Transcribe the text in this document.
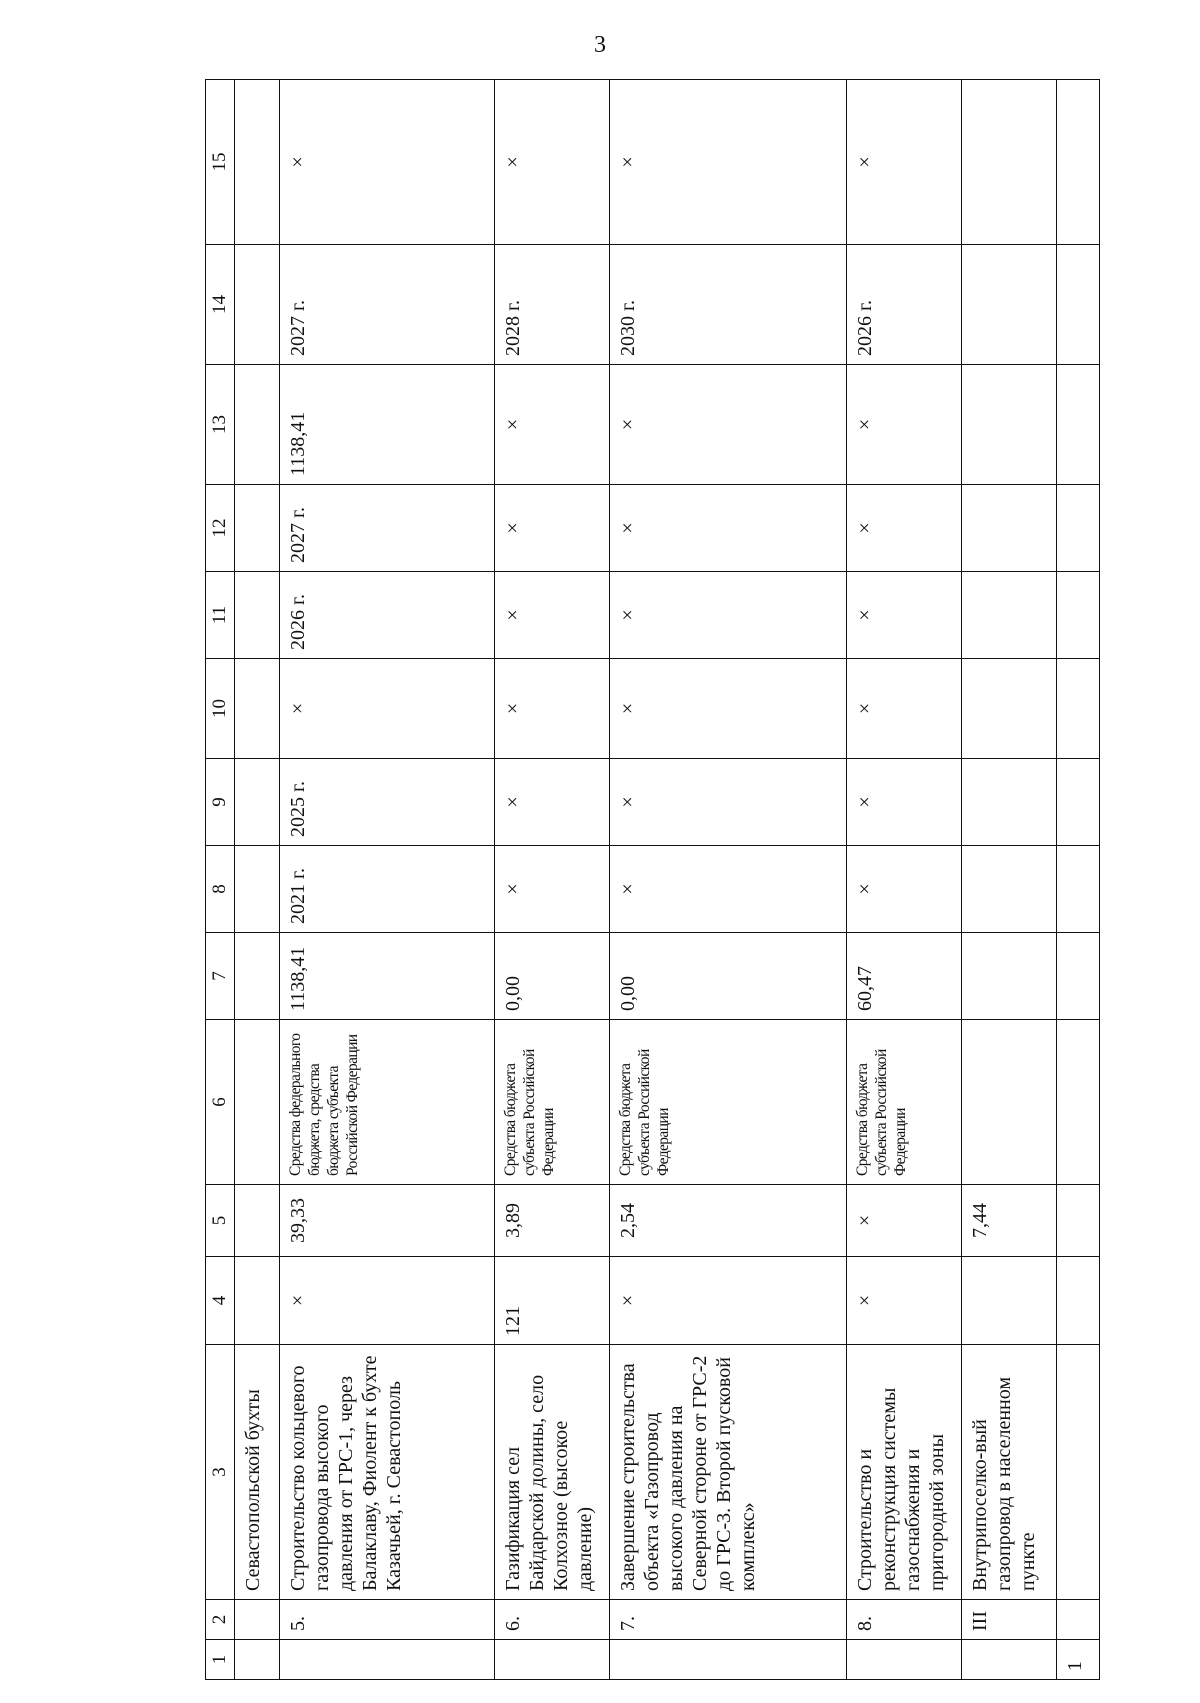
3
1	2	3	4	5	6	7	8	9	10	11	12	13	14	15
		Севастопольской бухты												
	5.	Строительство кольцевого газопровода высокого давления от ГРС-1, через Балаклаву, Фиолент к бухте Казачьей, г. Севастополь	×	39,33	Средства федерального бюджета, средства бюджета субъекта Российской Федерации	1138,41	2021 г.	2025 г.	×	2026 г.	2027 г.	1138,41	2027 г.	×
	6.	Газификация сел Байдарской долины, село Колхозное (высокое давление)	121	3,89	Средства бюджета субъекта Российской Федерации	0,00	×	×	×	×	×	×	2028 г.	×
	7.	Завершение строительства объекта «Газопровод высокого давления на Северной стороне от ГРС-2 до ГРС-3. Второй пусковой комплекс»	×	2,54	Средства бюджета субъекта Российской Федерации	0,00	×	×	×	×	×	×	2030 г.	×
	8.	Строительство и реконструкция системы газоснабжения и пригородной зоны	×	×	Средства бюджета субъекта Российской Федерации	60,47	×	×	×	×	×	×	2026 г.	×
	III	Внутрипоселко-вый газопровод в населенном пункте		7,44										
1														
